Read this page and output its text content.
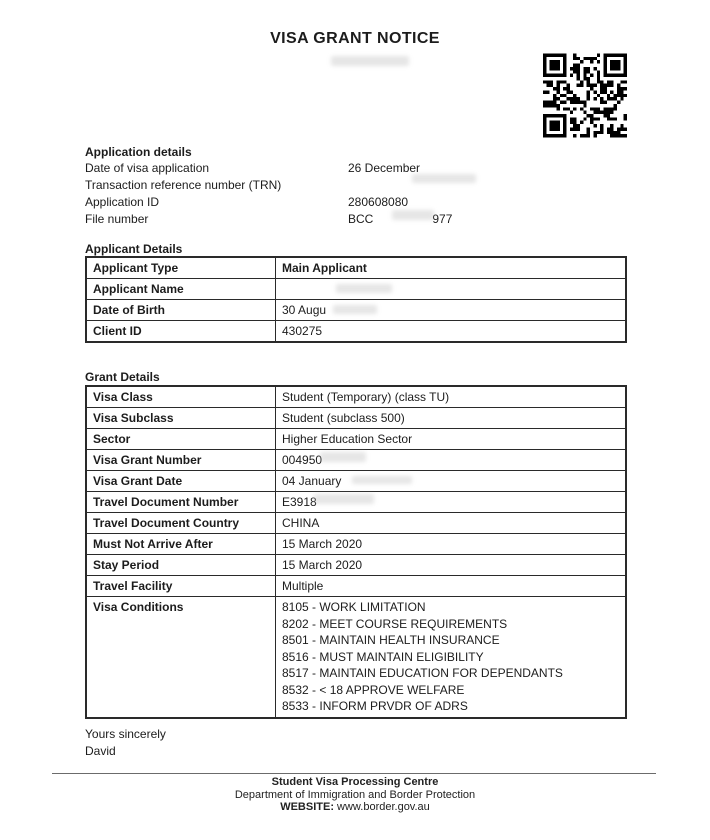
VISA GRANT NOTICE
Application details
Date of visa application	26 December
Transaction reference number (TRN)
Application ID	280608080
File number	BCC	977
Applicant Details
Applicant Type	Main Applicant
Applicant Name	
Date of Birth	30 Augu
Client ID	430275
Grant Details
Visa Class	Student (Temporary) (class TU)
Visa Subclass	Student (subclass 500)
Sector	Higher Education Sector
Visa Grant Number	004950
Visa Grant Date	04 January
Travel Document Number	E3918
Travel Document Country	CHINA
Must Not Arrive After	15 March 2020
Stay Period	15 March 2020
Travel Facility	Multiple
Visa Conditions	8105 - WORK LIMITATION
8202 - MEET COURSE REQUIREMENTS
8501 - MAINTAIN HEALTH INSURANCE
8516 - MUST MAINTAIN ELIGIBILITY
8517 - MAINTAIN EDUCATION FOR DEPENDANTS
8532 - < 18 APPROVE WELFARE
8533 - INFORM PRVDR OF ADRS
Yours sincerely
David
Student Visa Processing Centre
Department of Immigration and Border Protection
WEBSITE: www.border.gov.au
